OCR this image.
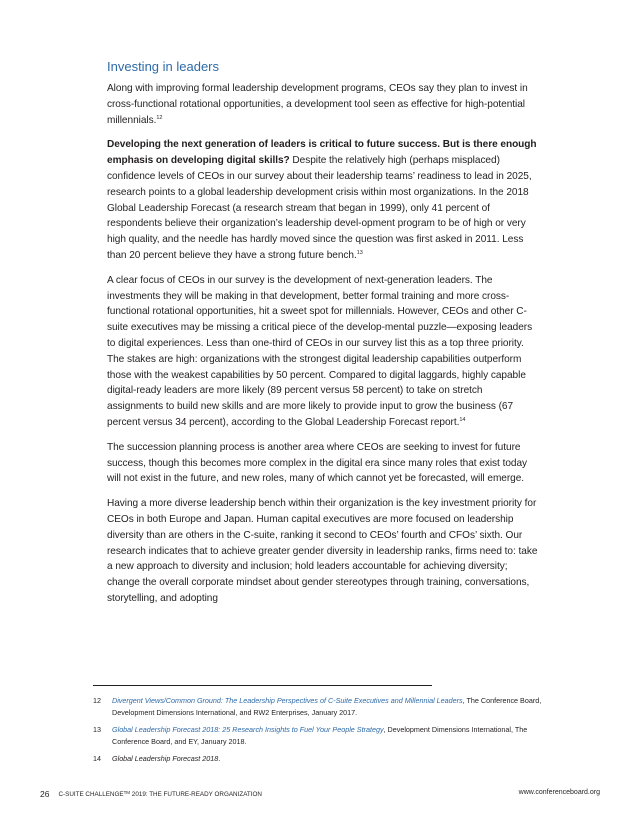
Investing in leaders

Along with improving formal leadership development programs, CEOs say they plan to invest in cross-functional rotational opportunities, a development tool seen as effective for high-potential millennials.$^{12}$

Developing the next generation of leaders is critical to future success. But is there enough emphasis on developing digital skills? Despite the relatively high (perhaps misplaced) confidence levels of CEOs in our survey about their leadership teams’ readiness to lead in 2025, research points to a global leadership development crisis within most organizations. In the 2018 Global Leadership Forecast (a research stream that began in 1999), only 41 percent of respondents believe their organization’s leadership devel-opment program to be of high or very high quality, and the needle has hardly moved since the question was first asked in 2011. Less than 20 percent believe they have a strong future bench.$^{13}$

A clear focus of CEOs in our survey is the development of next-generation leaders. The investments they will be making in that development, better formal training and more cross-functional rotational opportunities, hit a sweet spot for millennials. However, CEOs and other C-suite executives may be missing a critical piece of the develop-mental puzzle—exposing leaders to digital experiences. Less than one-third of CEOs in our survey list this as a top three priority. The stakes are high: organizations with the strongest digital leadership capabilities outperform those with the weakest capabilities by 50 percent. Compared to digital laggards, highly capable digital-ready leaders are more likely (89 percent versus 58 percent) to take on stretch assignments to build new skills and are more likely to provide input to grow the business (67 percent versus 34 percent), according to the Global Leadership Forecast report.$^{14}$

The succession planning process is another area where CEOs are seeking to invest for future success, though this becomes more complex in the digital era since many roles that exist today will not exist in the future, and new roles, many of which cannot yet be forecasted, will emerge.

Having a more diverse leadership bench within their organization is the key investment priority for CEOs in both Europe and Japan. Human capital executives are more focused on leadership diversity than are others in the C-suite, ranking it second to CEOs’ fourth and CFOs’ sixth. Our research indicates that to achieve greater gender diversity in leadership ranks, firms need to: take a new approach to diversity and inclusion; hold leaders accountable for achieving diversity; change the overall corporate mindset about gender stereotypes through training, conversations, storytelling, and adopting

12 Divergent Views/Common Ground: The Leadership Perspectives of C-Suite Executives and Millennial Leaders, The Conference Board, Development Dimensions International, and RW2 Enterprises, January 2017.

13 Global Leadership Forecast 2018: 25 Research Insights to Fuel Your People Strategy, Development Dimensions International, The Conference Board, and EY, January 2018.

14 Global Leadership Forecast 2018.

26 C-SUITE CHALLENGE™ 2019: THE FUTURE-READY ORGANIZATION	www.conferenceboard.org
